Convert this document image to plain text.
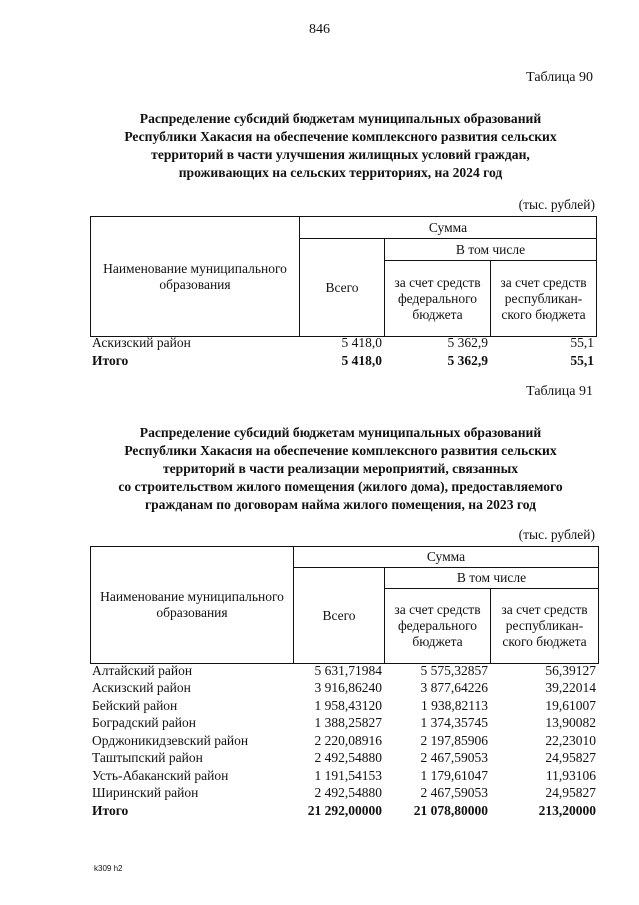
846
Таблица 90
Распределение субсидий бюджетам муниципальных образований
Республики Хакасия на обеспечение комплексного развития сельских
территорий в части улучшения жилищных условий граждан,
проживающих на сельских территориях, на 2024 год
(тыс. рублей)
Наименование муниципального образования	Сумма		
	Всего	В том числе	
		за счет средств федерального бюджета	за счет средств республикан-ского бюджета
Аскизский район	5 418,0	5 362,9	55,1
Итого	5 418,0	5 362,9	55,1
Таблица 91
Распределение субсидий бюджетам муниципальных образований
Республики Хакасия на обеспечение комплексного развития сельских
территорий в части реализации мероприятий, связанных
со строительством жилого помещения (жилого дома), предоставляемого
гражданам по договорам найма жилого помещения, на 2023 год
(тыс. рублей)
Наименование муниципального образования	Сумма		
	Всего	В том числе	
		за счет средств федерального бюджета	за счет средств республикан-ского бюджета
Алтайский район	5 631,71984	5 575,32857	56,39127
Аскизский район	3 916,86240	3 877,64226	39,22014
Бейский район	1 958,43120	1 938,82113	19,61007
Боградский район	1 388,25827	1 374,35745	13,90082
Орджоникидзевский район	2 220,08916	2 197,85906	22,23010
Таштыпский район	2 492,54880	2 467,59053	24,95827
Усть-Абаканский район	1 191,54153	1 179,61047	11,93106
Ширинский район	2 492,54880	2 467,59053	24,95827
Итого	21 292,00000	21 078,80000	213,20000
k309 h2
